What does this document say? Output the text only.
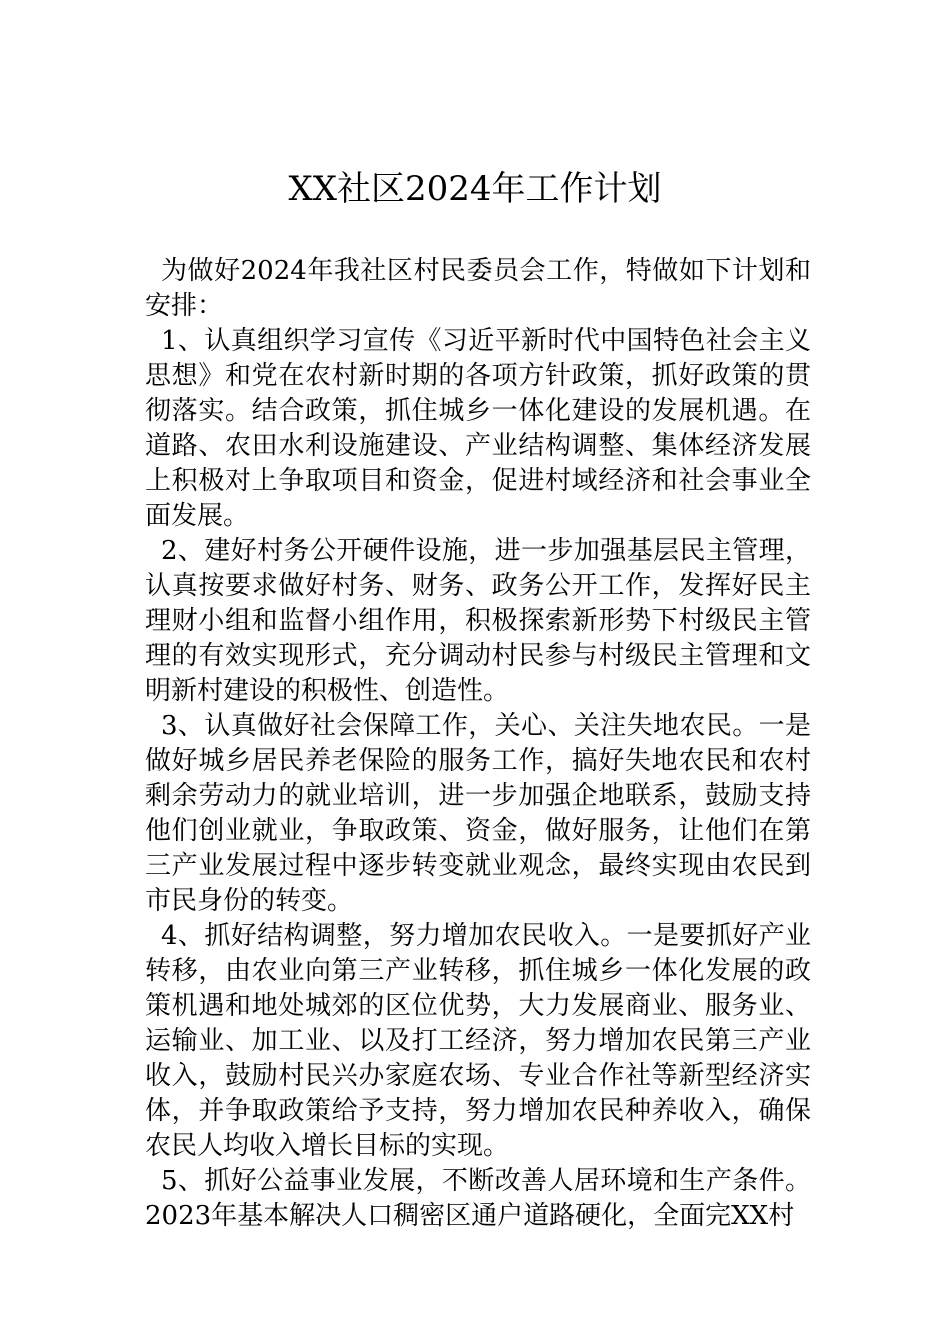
XX社区2024年工作计划

为做好2024年我社区村民委员会工作，特做如下计划和安排：

1、认真组织学习宣传《习近平新时代中国特色社会主义思想》和党在农村新时期的各项方针政策，抓好政策的贯彻落实。结合政策，抓住城乡一体化建设的发展机遇。在道路、农田水利设施建设、产业结构调整、集体经济发展上积极对上争取项目和资金，促进村域经济和社会事业全面发展。

2、建好村务公开硬件设施，进一步加强基层民主管理，认真按要求做好村务、财务、政务公开工作，发挥好民主理财小组和监督小组作用，积极探索新形势下村级民主管理的有效实现形式，充分调动村民参与村级民主管理和文明新村建设的积极性、创造性。

3、认真做好社会保障工作，关心、关注失地农民。一是做好城乡居民养老保险的服务工作，搞好失地农民和农村剩余劳动力的就业培训，进一步加强企地联系，鼓励支持他们创业就业，争取政策、资金，做好服务，让他们在第三产业发展过程中逐步转变就业观念，最终实现由农民到市民身份的转变。

4、抓好结构调整，努力增加农民收入。一是要抓好产业转移，由农业向第三产业转移，抓住城乡一体化发展的政策机遇和地处城郊的区位优势，大力发展商业、服务业、运输业、加工业、以及打工经济，努力增加农民第三产业收入，鼓励村民兴办家庭农场、专业合作社等新型经济实体，并争取政策给予支持，努力增加农民种养收入，确保农民人均收入增长目标的实现。

5、抓好公益事业发展，不断改善人居环境和生产条件。2023年基本解决人口稠密区通户道路硬化，全面完XX村
